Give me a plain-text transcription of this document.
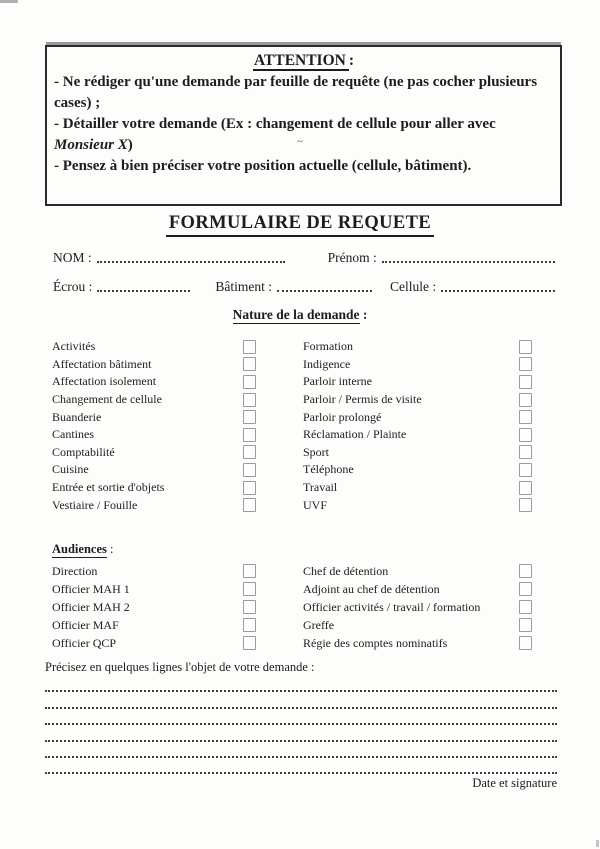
~
ATTENTION :

- Ne rédiger qu'une demande par feuille de requête (ne pas cocher plusieurs cases) ;

- Détailler votre demande (Ex : changement de cellule pour aller avec Monsieur X)

- Pensez à bien préciser votre position actuelle (cellule, bâtiment).

FORMULAIRE DE REQUETE
NOM :	Prénom :
Écrou :	Bâtiment :	Cellule :
Nature de la demande :
Activités
Affectation bâtiment
Affectation isolement
Changement de cellule
Buanderie
Cantines
Comptabilité
Cuisine
Entrée et sortie d'objets
Vestiaire / Fouille
Formation
Indigence
Parloir interne
Parloir / Permis de visite
Parloir prolongé
Réclamation / Plainte
Sport
Téléphone
Travail
UVF
Audiences :
Direction
Officier MAH 1
Officier MAH 2
Officier MAF
Officier QCP
Chef de détention
Adjoint au chef de détention
Officier activités / travail / formation
Greffe
Régie des comptes nominatifs
Précisez en quelques lignes l'objet de votre demande :
Date et signature
